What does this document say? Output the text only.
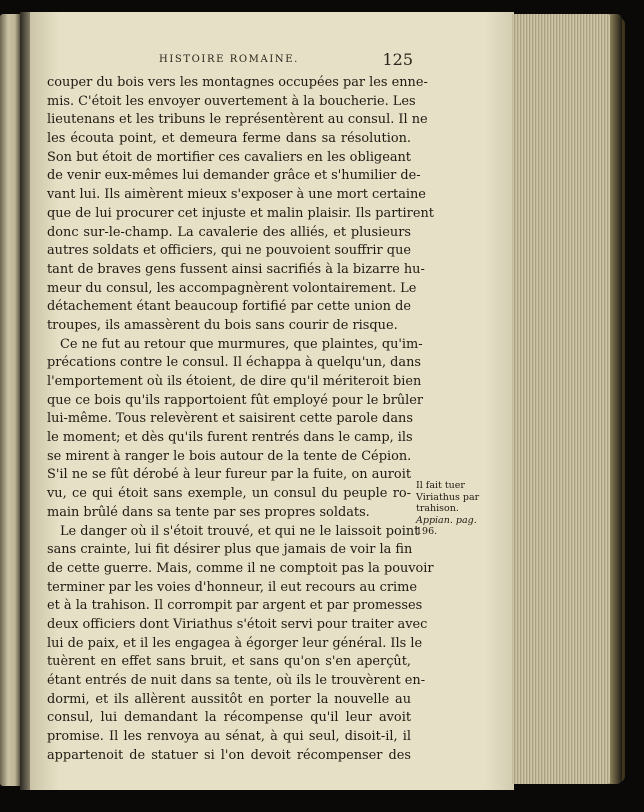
HISTOIRE ROMAINE.	125
couper du bois vers les montagnes occupées par les enne-
mis. C'étoit les envoyer ouvertement à la boucherie. Les
lieutenans et les tribuns le représentèrent au consul. Il ne
les écouta point, et demeura ferme dans sa résolution.
Son but étoit de mortifier ces cavaliers en les obligeant
de venir eux-mêmes lui demander grâce et s'humilier de-
vant lui. Ils aimèrent mieux s'exposer à une mort certaine
que de lui procurer cet injuste et malin plaisir. Ils partirent
donc sur-le-champ. La cavalerie des alliés, et plusieurs
autres soldats et officiers, qui ne pouvoient souffrir que
tant de braves gens fussent ainsi sacrifiés à la bizarre hu-
meur du consul, les accompagnèrent volontairement. Le
détachement étant beaucoup fortifié par cette union de
troupes, ils amassèrent du bois sans courir de risque.
Ce ne fut au retour que murmures, que plaintes, qu'im-
précations contre le consul. Il échappa à quelqu'un, dans
l'emportement où ils étoient, de dire qu'il mériteroit bien
que ce bois qu'ils rapportoient fût employé pour le brûler
lui-même. Tous relevèrent et saisirent cette parole dans
le moment; et dès qu'ils furent rentrés dans le camp, ils
se mirent à ranger le bois autour de la tente de Cépion.
S'il ne se fût dérobé à leur fureur par la fuite, on auroit
vu, ce qui étoit sans exemple, un consul du peuple ro-
main brûlé dans sa tente par ses propres soldats.
Le danger où il s'étoit trouvé, et qui ne le laissoit point
sans crainte, lui fit désirer plus que jamais de voir la fin
de cette guerre. Mais, comme il ne comptoit pas la pouvoir
terminer par les voies d'honneur, il eut recours au crime
et à la trahison. Il corrompit par argent et par promesses
deux officiers dont Viriathus s'étoit servi pour traiter avec
lui de paix, et il les engagea à égorger leur général. Ils le
tuèrent en effet sans bruit, et sans qu'on s'en aperçût,
étant entrés de nuit dans sa tente, où ils le trouvèrent en-
dormi, et ils allèrent aussitôt en porter la nouvelle au
consul, lui demandant la récompense qu'il leur avoit
promise. Il les renvoya au sénat, à qui seul, disoit-il, il
appartenoit de statuer si l'on devoit récompenser des
Il fait tuer
Viriathus par
trahison.
Appian. pag.
196.
